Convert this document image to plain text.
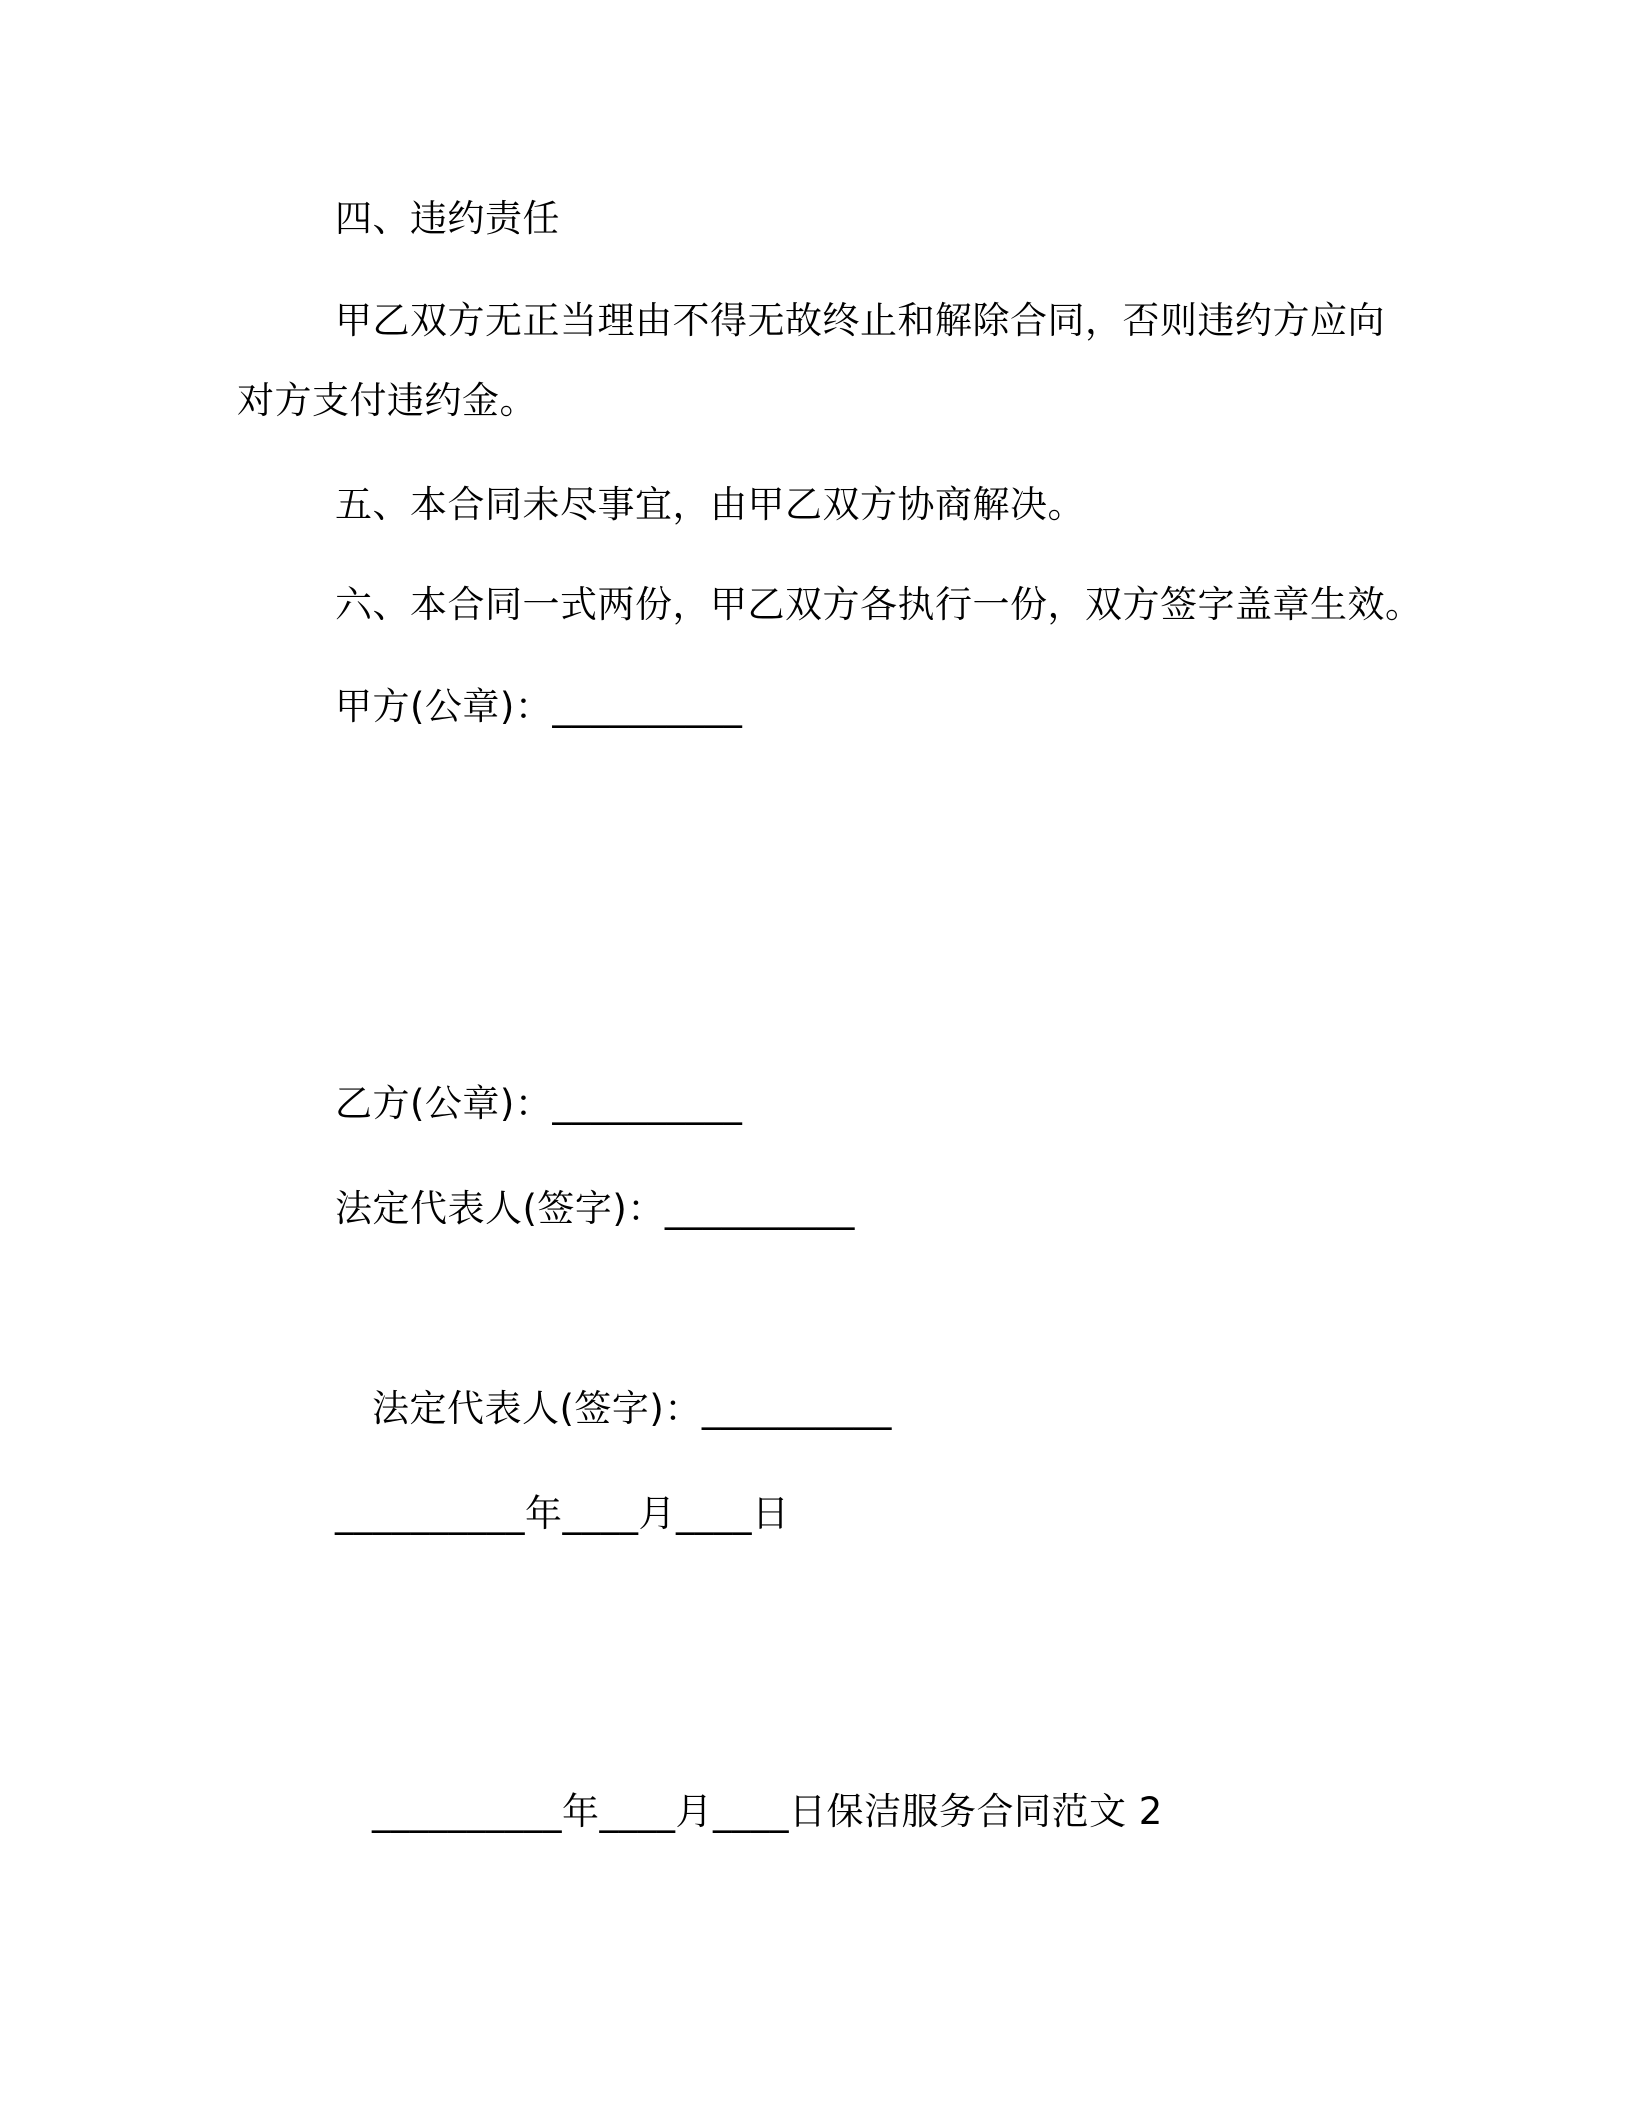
四、违约责任
甲乙双方无正当理由不得无故终止和解除合同，否则违约方应向对方支付违约金。
五、本合同未尽事宜，由甲乙双方协商解决。
六、本合同一式两份，甲乙双方各执行一份，双方签字盖章生效。
甲方(公章)：__________
乙方(公章)：__________
法定代表人(签字)：__________
法定代表人(签字)：__________
__________年____月____日
__________年____月____日保洁服务合同范文 2
